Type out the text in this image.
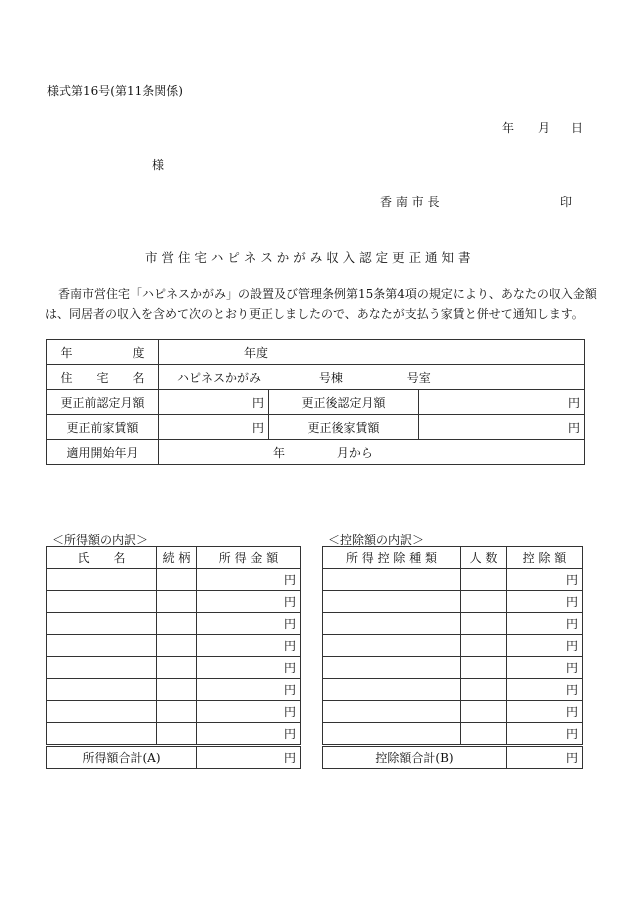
様式第16号(第11条関係)
年 月 日
様
香 南 市 長	印
市 営 住 宅 ハ ピ ネ ス か が み 収 入 認 定 更 正 通 知 書
香南市営住宅「ハピネスかがみ」の設置及び管理条例第15条第4項の規定により、あなたの収入金額
は、同居者の収入を含めて次のとおり更正しましたので、あなたが支払う家賃と併せて通知します。
年　　　　　度	年度		
住　　宅　　名	ハピネスかがみ 号棟 号室		
更正前認定月額	円	更正後認定月額	円
更正前家賃額	円	更正後家賃額	円
適用開始年月	年 月から		
＜所得額の内訳＞	＜控除額の内訳＞
氏　　名	続 柄	所 得 金 額
		円
		円
		円
		円
		円
		円
		円
		円
所得額合計(A)		円
所 得 控 除 種 類	人 数	控 除 額
		円
		円
		円
		円
		円
		円
		円
		円
控除額合計(B)		円
